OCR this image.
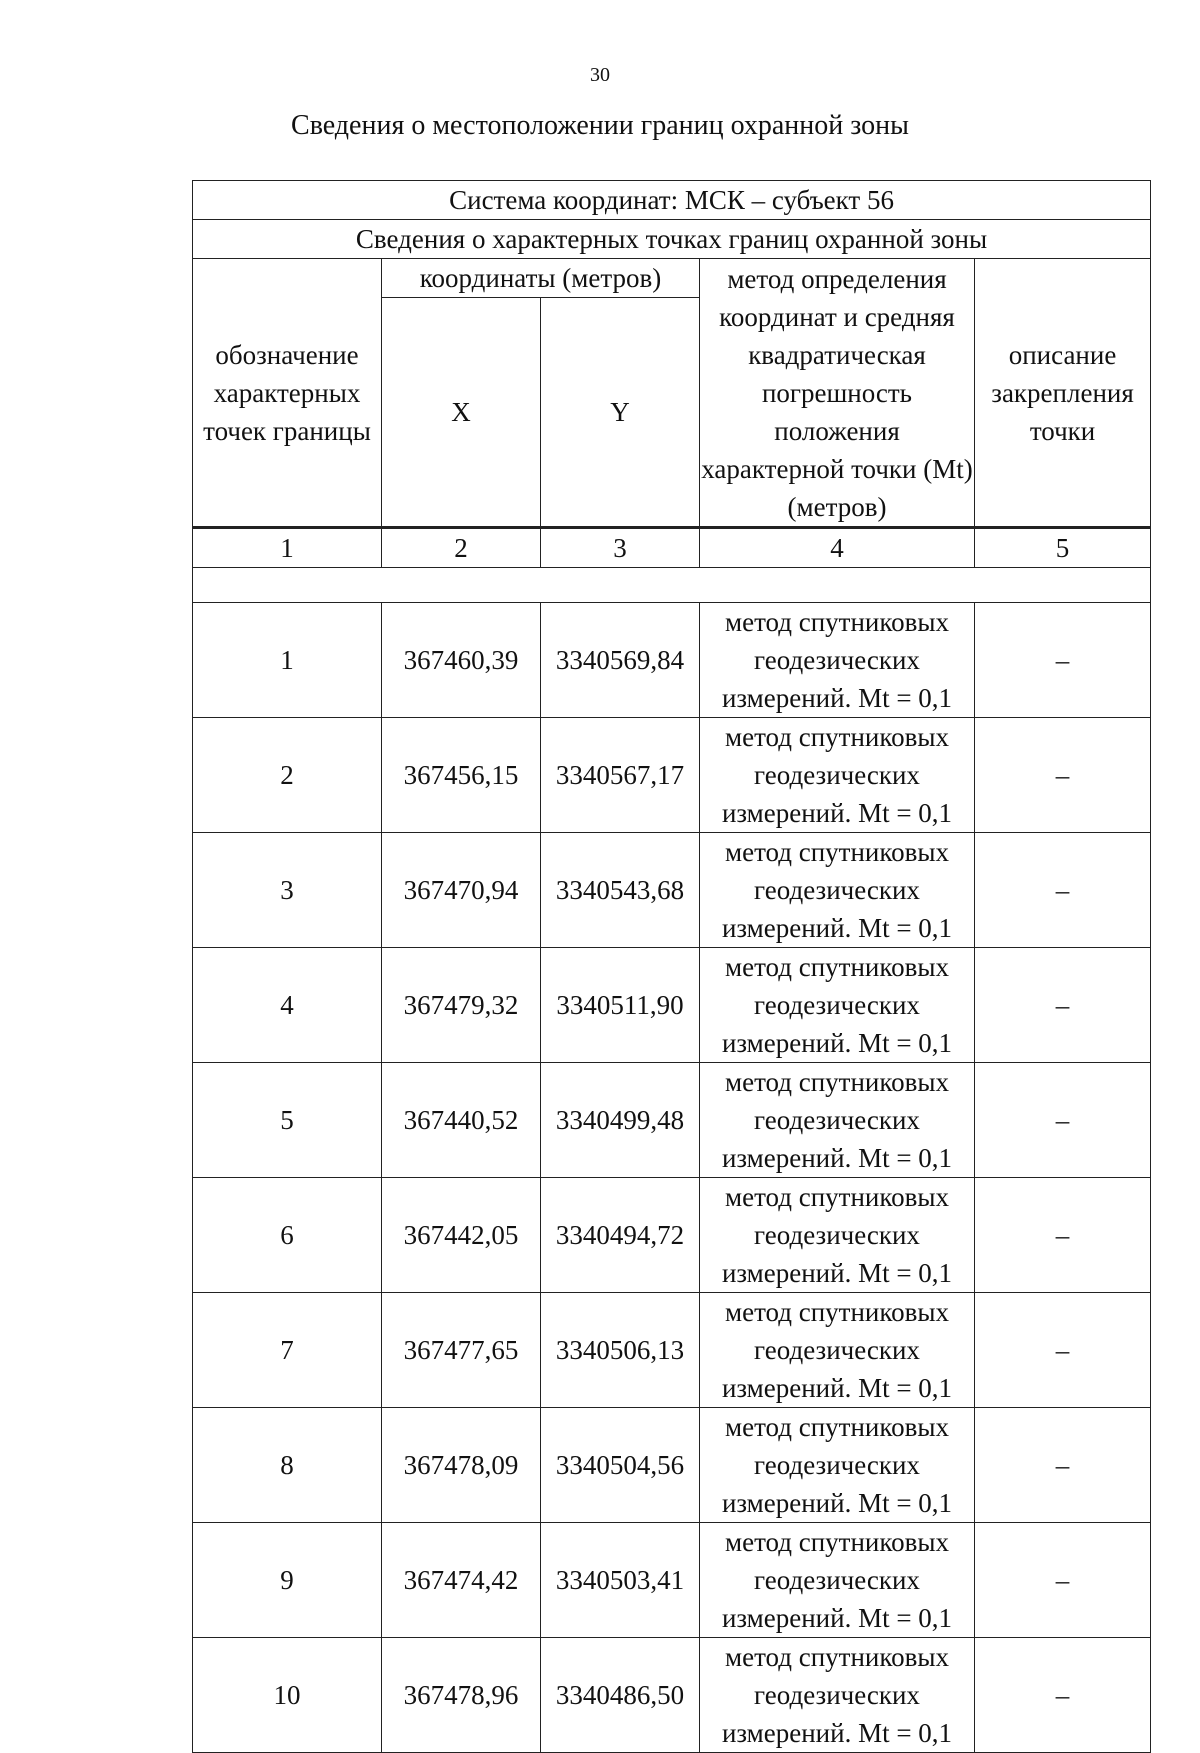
30
Сведения о местоположении границ охранной зоны
Система координат: МСК – субъект 56				
Сведения о характерных точках границ охранной зоны				
обозначение характерных точек границы	координаты (метров)		метод определения координат и средняя квадратическая погрешность положения характерной точки (Mt) (метров)	описание закрепления точки
	X	Y		
1	2	3	4	5

1	367460,39	3340569,84	метод спутниковых геодезических измерений. Mt = 0,1	–
2	367456,15	3340567,17	метод спутниковых геодезических измерений. Mt = 0,1	–
3	367470,94	3340543,68	метод спутниковых геодезических измерений. Mt = 0,1	–
4	367479,32	3340511,90	метод спутниковых геодезических измерений. Mt = 0,1	–
5	367440,52	3340499,48	метод спутниковых геодезических измерений. Mt = 0,1	–
6	367442,05	3340494,72	метод спутниковых геодезических измерений. Mt = 0,1	–
7	367477,65	3340506,13	метод спутниковых геодезических измерений. Mt = 0,1	–
8	367478,09	3340504,56	метод спутниковых геодезических измерений. Mt = 0,1	–
9	367474,42	3340503,41	метод спутниковых геодезических измерений. Mt = 0,1	–
10	367478,96	3340486,50	метод спутниковых геодезических измерений. Mt = 0,1	–
